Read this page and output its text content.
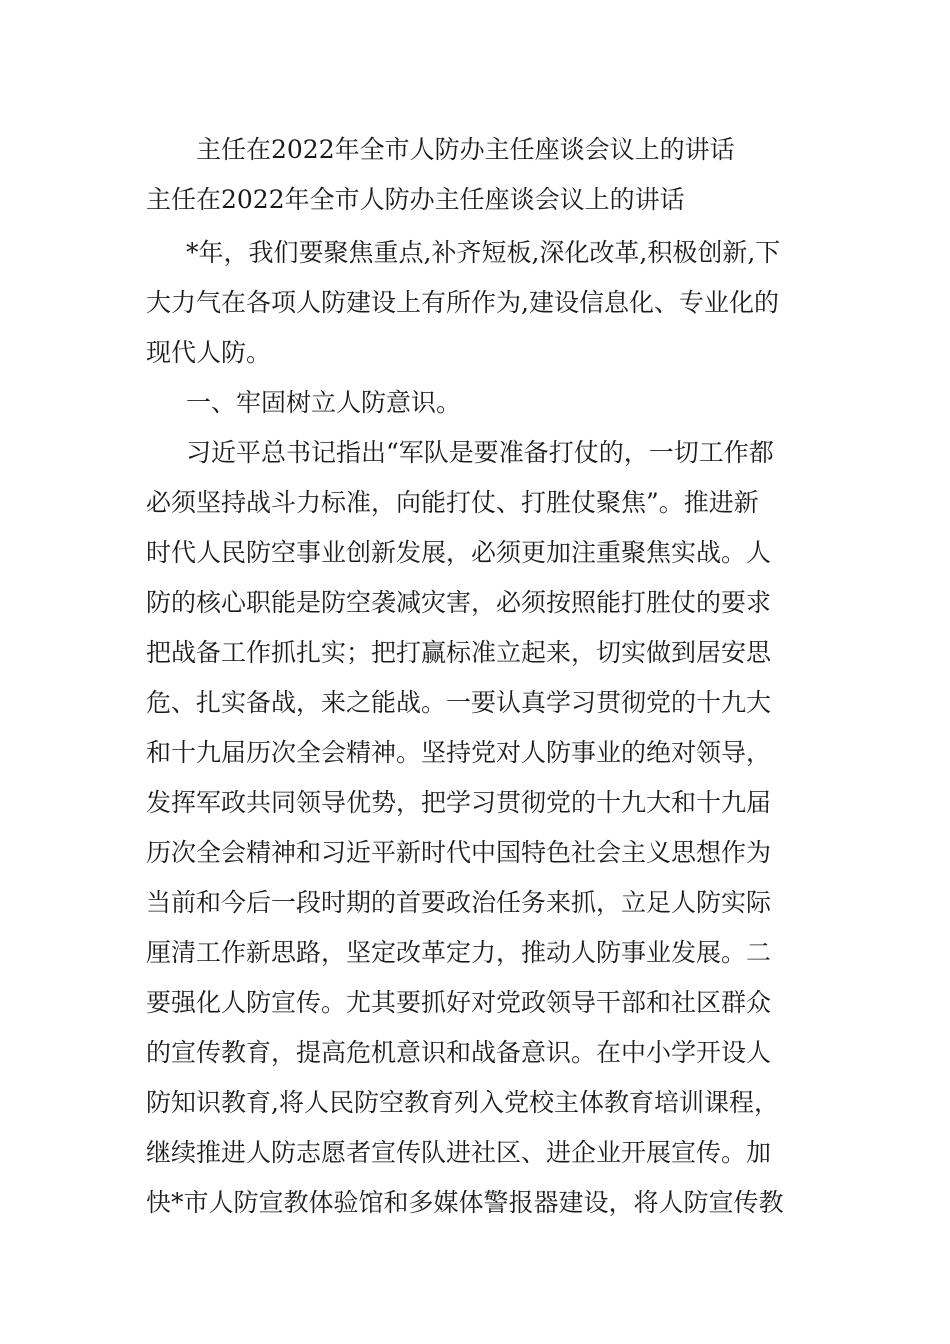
主任在2022年全市人防办主任座谈会议上的讲话
主任在2022年全市人防办主任座谈会议上的讲话
*年，我们要聚焦重点,补齐短板,深化改革,积极创新,下
大力气在各项人防建设上有所作为,建设信息化、专业化的
现代人防。
一、牢固树立人防意识。
习近平总书记指出“军队是要准备打仗的，一切工作都
必须坚持战斗力标准，向能打仗、打胜仗聚焦”。推进新
时代人民防空事业创新发展，必须更加注重聚焦实战。人
防的核心职能是防空袭减灾害，必须按照能打胜仗的要求
把战备工作抓扎实；把打赢标准立起来，切实做到居安思
危、扎实备战，来之能战。一要认真学习贯彻党的十九大
和十九届历次全会精神。坚持党对人防事业的绝对领导，
发挥军政共同领导优势，把学习贯彻党的十九大和十九届
历次全会精神和习近平新时代中国特色社会主义思想作为
当前和今后一段时期的首要政治任务来抓，立足人防实际
厘清工作新思路，坚定改革定力，推动人防事业发展。二
要强化人防宣传。尤其要抓好对党政领导干部和社区群众
的宣传教育，提高危机意识和战备意识。在中小学开设人
防知识教育,将人民防空教育列入党校主体教育培训课程，
继续推进人防志愿者宣传队进社区、进企业开展宣传。加
快*市人防宣教体验馆和多媒体警报器建设，将人防宣传教
